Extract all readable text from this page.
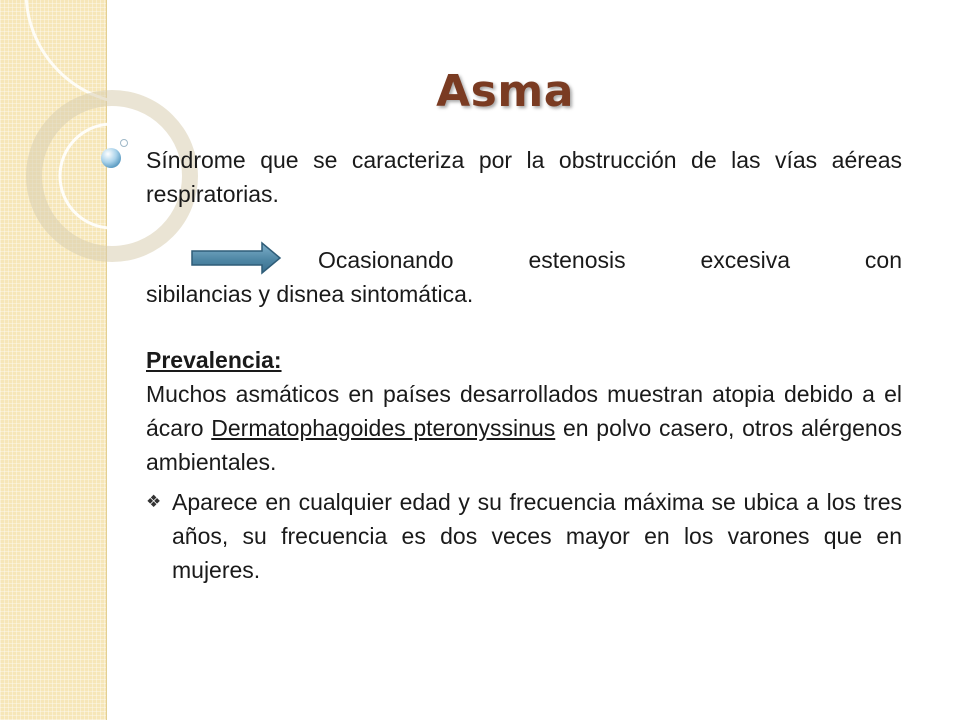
Asma

Síndrome que se caracteriza por la obstrucción de las vías aéreas respiratorias.

Ocasionando estenosis excesiva con
sibilancias y disnea sintomática.

Prevalencia:

Muchos asmáticos en países desarrollados muestran atopia debido a el ácaro Dermatophagoides pteronyssinus en polvo casero, otros alérgenos ambientales.

❖ Aparece en cualquier edad y su frecuencia máxima se ubica a los tres años, su frecuencia es dos veces mayor en los varones que en mujeres.
